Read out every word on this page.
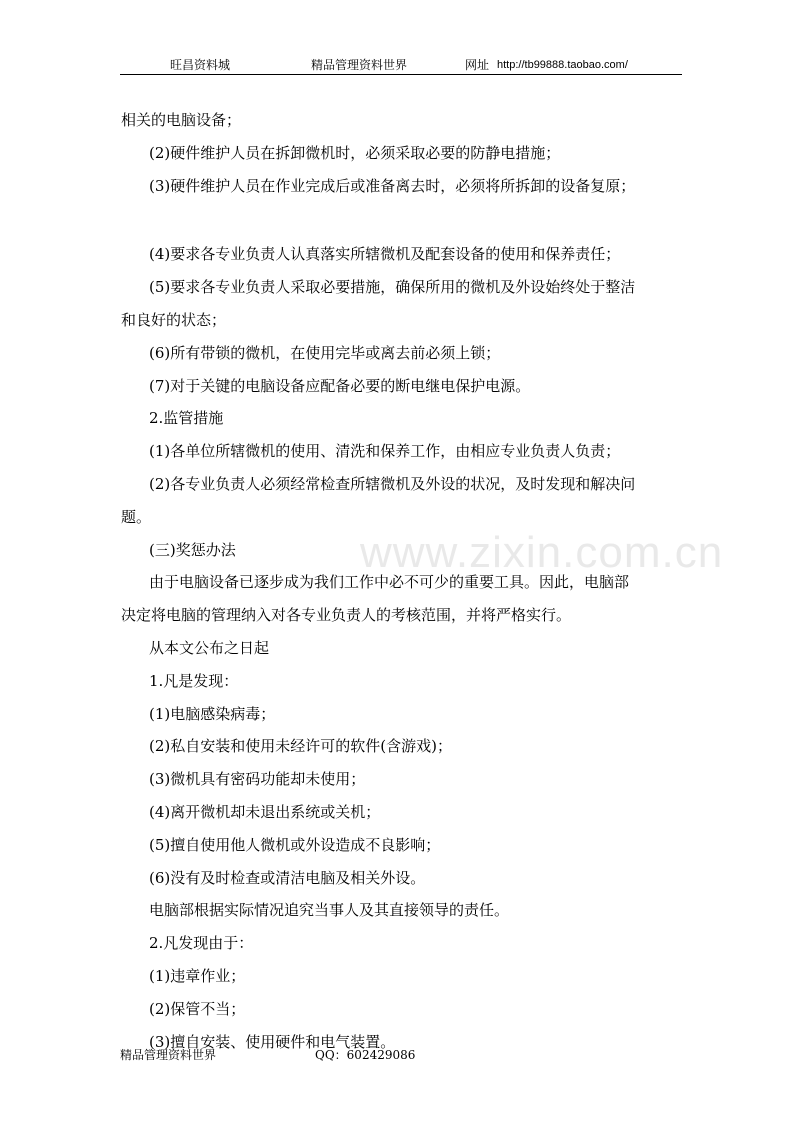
旺昌资料城	精品管理资料世界	网址 http://tb99888.taobao.com/
www.zixin.com.cn
相关的电脑设备；
(2)硬件维护人员在拆卸微机时，必须采取必要的防静电措施；
(3)硬件维护人员在作业完成后或准备离去时，必须将所拆卸的设备复原；
(4)要求各专业负责人认真落实所辖微机及配套设备的使用和保养责任；
(5)要求各专业负责人采取必要措施，确保所用的微机及外设始终处于整洁
和良好的状态；
(6)所有带锁的微机，在使用完毕或离去前必须上锁；
(7)对于关键的电脑设备应配备必要的断电继电保护电源。
2.监管措施
(1)各单位所辖微机的使用、清洗和保养工作，由相应专业负责人负责；
(2)各专业负责人必须经常检查所辖微机及外设的状况，及时发现和解决问
题。
(三)奖惩办法
由于电脑设备已逐步成为我们工作中必不可少的重要工具。因此，电脑部
决定将电脑的管理纳入对各专业负责人的考核范围，并将严格实行。
从本文公布之日起
1.凡是发现：
(1)电脑感染病毒；
(2)私自安装和使用未经许可的软件(含游戏)；
(3)微机具有密码功能却未使用；
(4)离开微机却未退出系统或关机；
(5)擅自使用他人微机或外设造成不良影响；
(6)没有及时检查或清洁电脑及相关外设。
电脑部根据实际情况追究当事人及其直接领导的责任。
2.凡发现由于：
(1)违章作业；
(2)保管不当；
(3)擅自安装、使用硬件和电气装置。
精品管理资料世界	QQ：602429086
